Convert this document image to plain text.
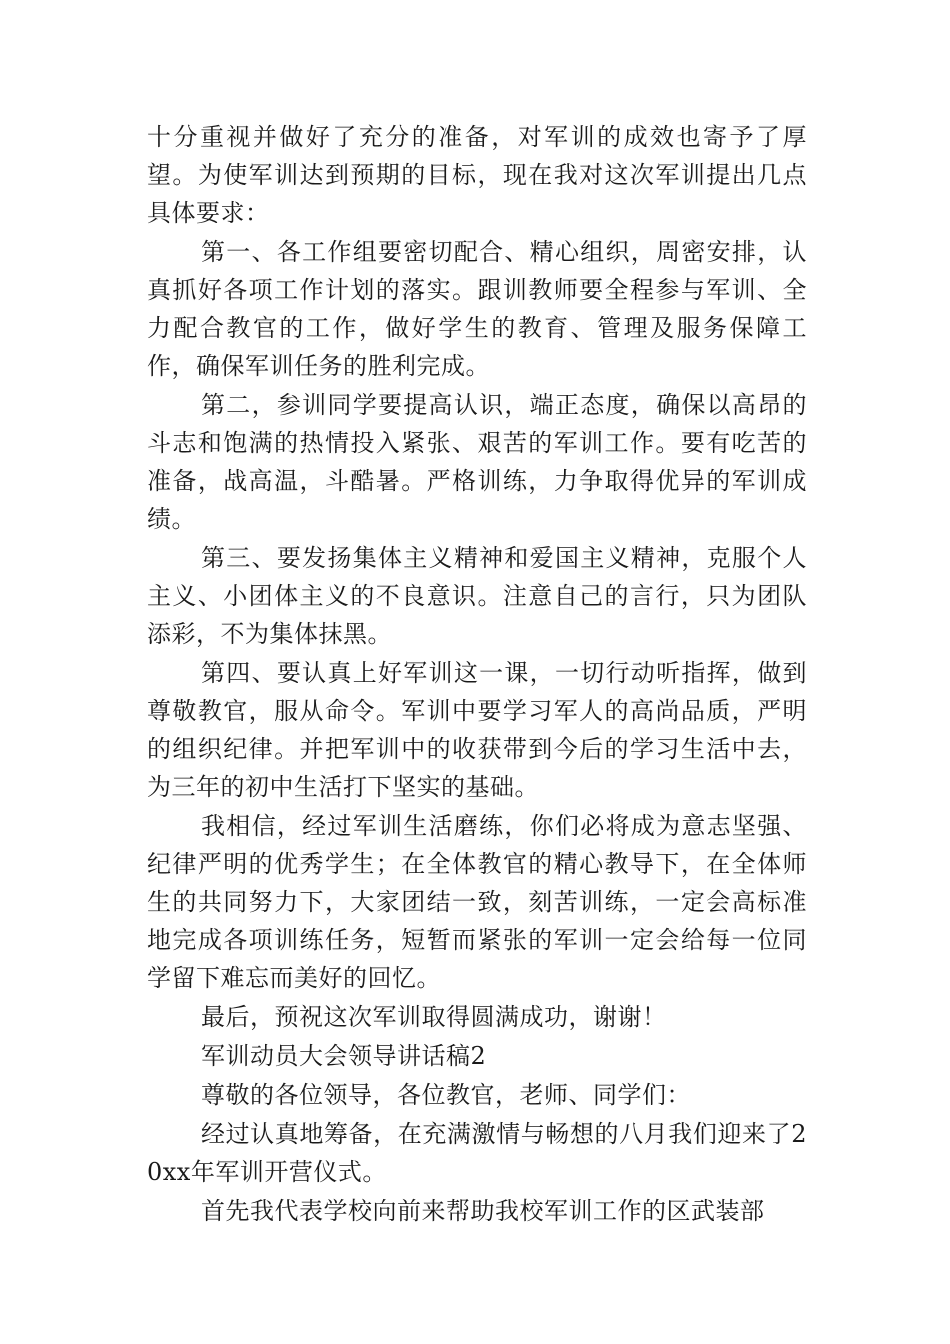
十分重视并做好了充分的准备，对军训的成效也寄予了厚望。为使军训达到预期的目标，现在我对这次军训提出几点具体要求：

第一、各工作组要密切配合、精心组织，周密安排，认真抓好各项工作计划的落实。跟训教师要全程参与军训、全力配合教官的工作，做好学生的教育、管理及服务保障工作，确保军训任务的胜利完成。

第二，参训同学要提高认识，端正态度，确保以高昂的斗志和饱满的热情投入紧张、艰苦的军训工作。要有吃苦的准备，战高温，斗酷暑。严格训练，力争取得优异的军训成绩。

第三、要发扬集体主义精神和爱国主义精神，克服个人主义、小团体主义的不良意识。注意自己的言行，只为团队添彩，不为集体抹黑。

第四、要认真上好军训这一课，一切行动听指挥，做到尊敬教官，服从命令。军训中要学习军人的高尚品质，严明的组织纪律。并把军训中的收获带到今后的学习生活中去，为三年的初中生活打下坚实的基础。

我相信，经过军训生活磨练，你们必将成为意志坚强、纪律严明的优秀学生；在全体教官的精心教导下，在全体师生的共同努力下，大家团结一致，刻苦训练，一定会高标准地完成各项训练任务，短暂而紧张的军训一定会给每一位同学留下难忘而美好的回忆。

最后，预祝这次军训取得圆满成功，谢谢！

军训动员大会领导讲话稿2

尊敬的各位领导，各位教官，老师、同学们：

经过认真地筹备，在充满激情与畅想的八月我们迎来了20xx年军训开营仪式。

首先我代表学校向前来帮助我校军训工作的区武装部
